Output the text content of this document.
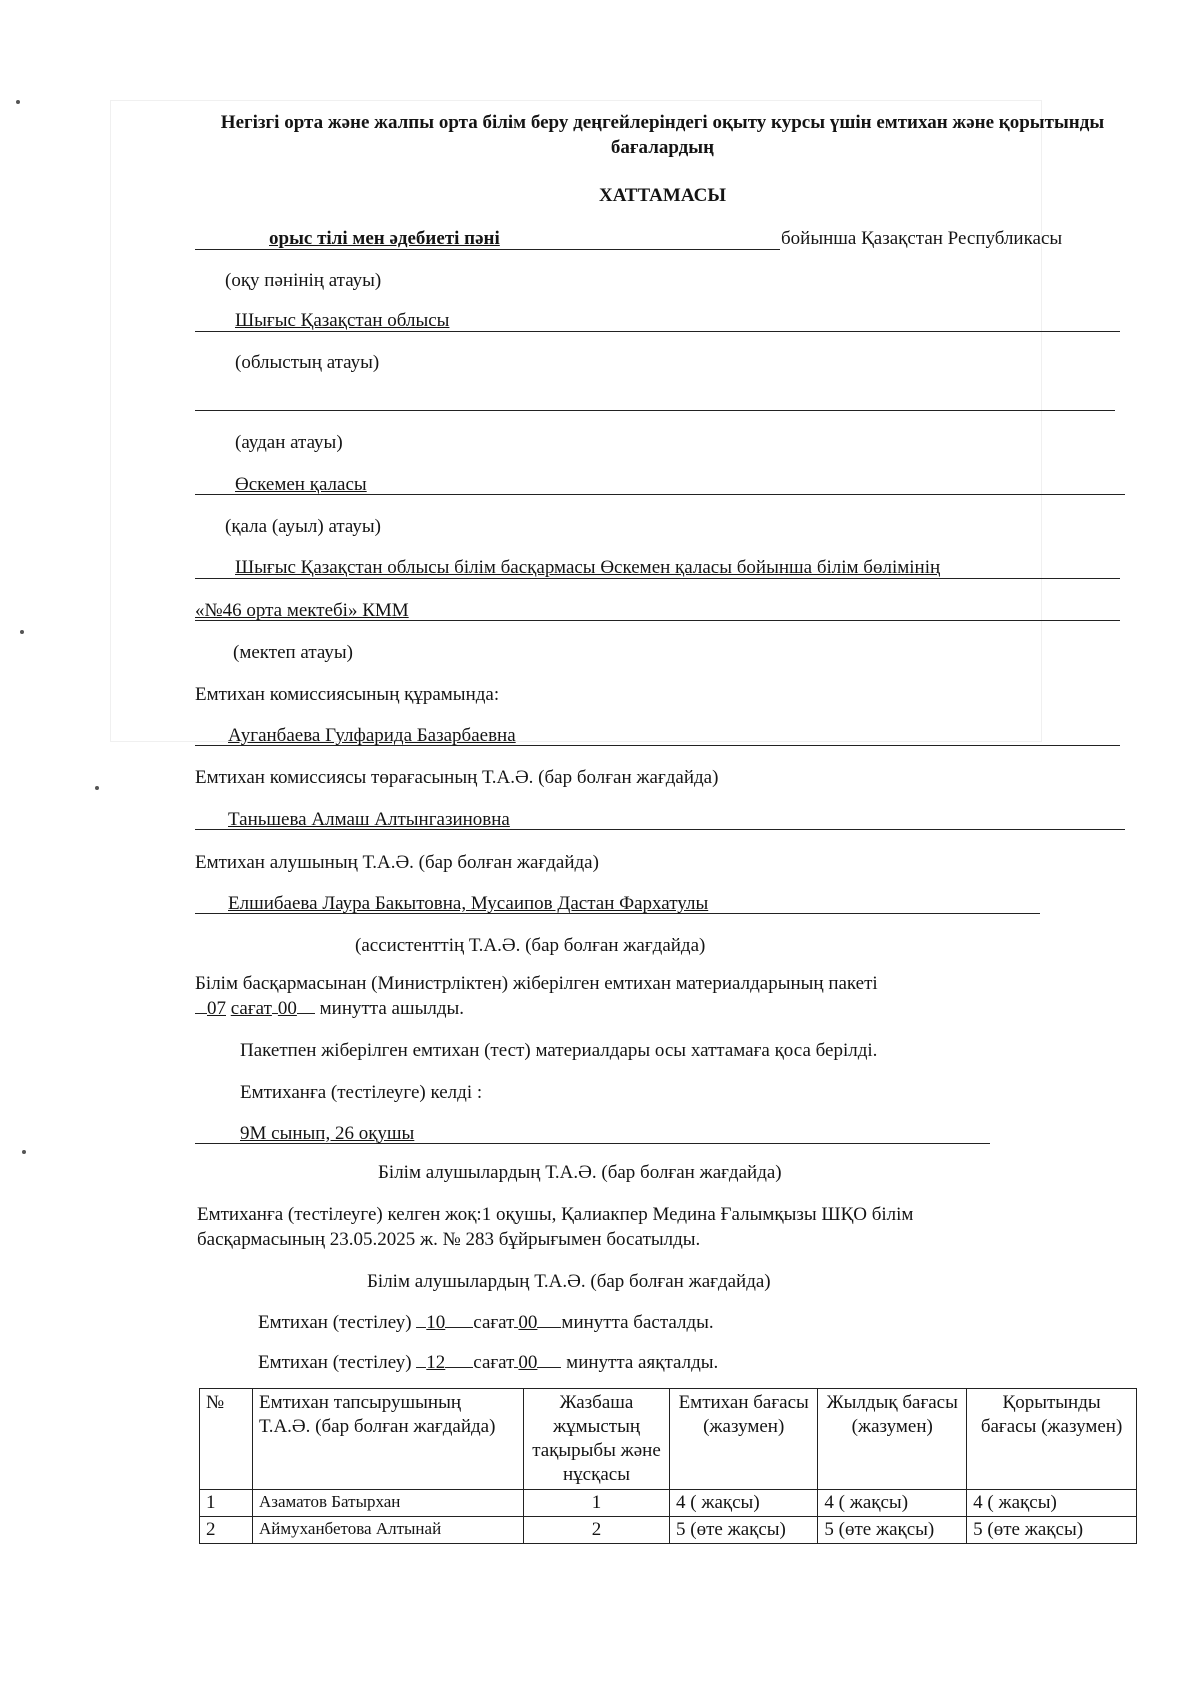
Негізгі орта және жалпы орта білім беру деңгейлеріндегі оқыту курсы үшін емтихан және қорытынды бағалардың
ХАТТАМАСЫ
орыс тілі мен әдебиеті пәні	бойынша Қазақстан Республикасы
(оқу пәнінің атауы)
Шығыс Қазақстан облысы
(облыстың атауы)
(аудан атауы)
Өскемен қаласы
(қала (ауыл) атауы)
Шығыс Қазақстан облысы білім басқармасы Өскемен қаласы бойынша білім бөлімінің
«№46 орта мектебі» КММ
(мектеп атауы)
Емтихан комиссиясының құрамында:
Ауганбаева Гулфарида Базарбаевна
Емтихан комиссиясы төрағасының Т.А.Ә. (бар болған жағдайда)
Таньшева Алмаш Алтынгазиновна
Емтихан алушының Т.А.Ә. (бар болған жағдайда)
Елшибаева Лаура Бакытовна, Мусаипов Дастан Фархатулы
(ассистенттің Т.А.Ә. (бар болған жағдайда)
Білім басқармасынан (Министрліктен) жіберілген емтихан материалдарының пакеті
07 сағат 00 минутта ашылды.
Пакетпен жіберілген емтихан (тест) материалдары осы хаттамаға қоса берілді.
Емтиханға (тестілеуге) келді :
9М сынып, 26 оқушы
Білім алушылардың Т.А.Ә. (бар болған жағдайда)
Емтиханға (тестілеуге) келген жоқ:1 оқушы, Қалиакпер Медина Ғалымқызы ШҚО білім
басқармасының 23.05.2025 ж. № 283 бұйрығымен босатылды.
Білім алушылардың Т.А.Ә. (бар болған жағдайда)
Емтихан (тестілеу) 10 сағат 00 минутта басталды.
Емтихан (тестілеу) 12 сағат 00 минутта аяқталды.
№	Емтихан тапсырушының Т.А.Ә. (бар болған жағдайда)	Жазбаша жұмыстың тақырыбы және нұсқасы	Емтихан бағасы (жазумен)	Жылдық бағасы (жазумен)	Қорытынды бағасы (жазумен)
1	Азаматов Батырхан	1	4 ( жақсы)	4 ( жақсы)	4 ( жақсы)
2	Аймуханбетова Алтынай	2	5 (өте жақсы)	5 (өте жақсы)	5 (өте жақсы)
